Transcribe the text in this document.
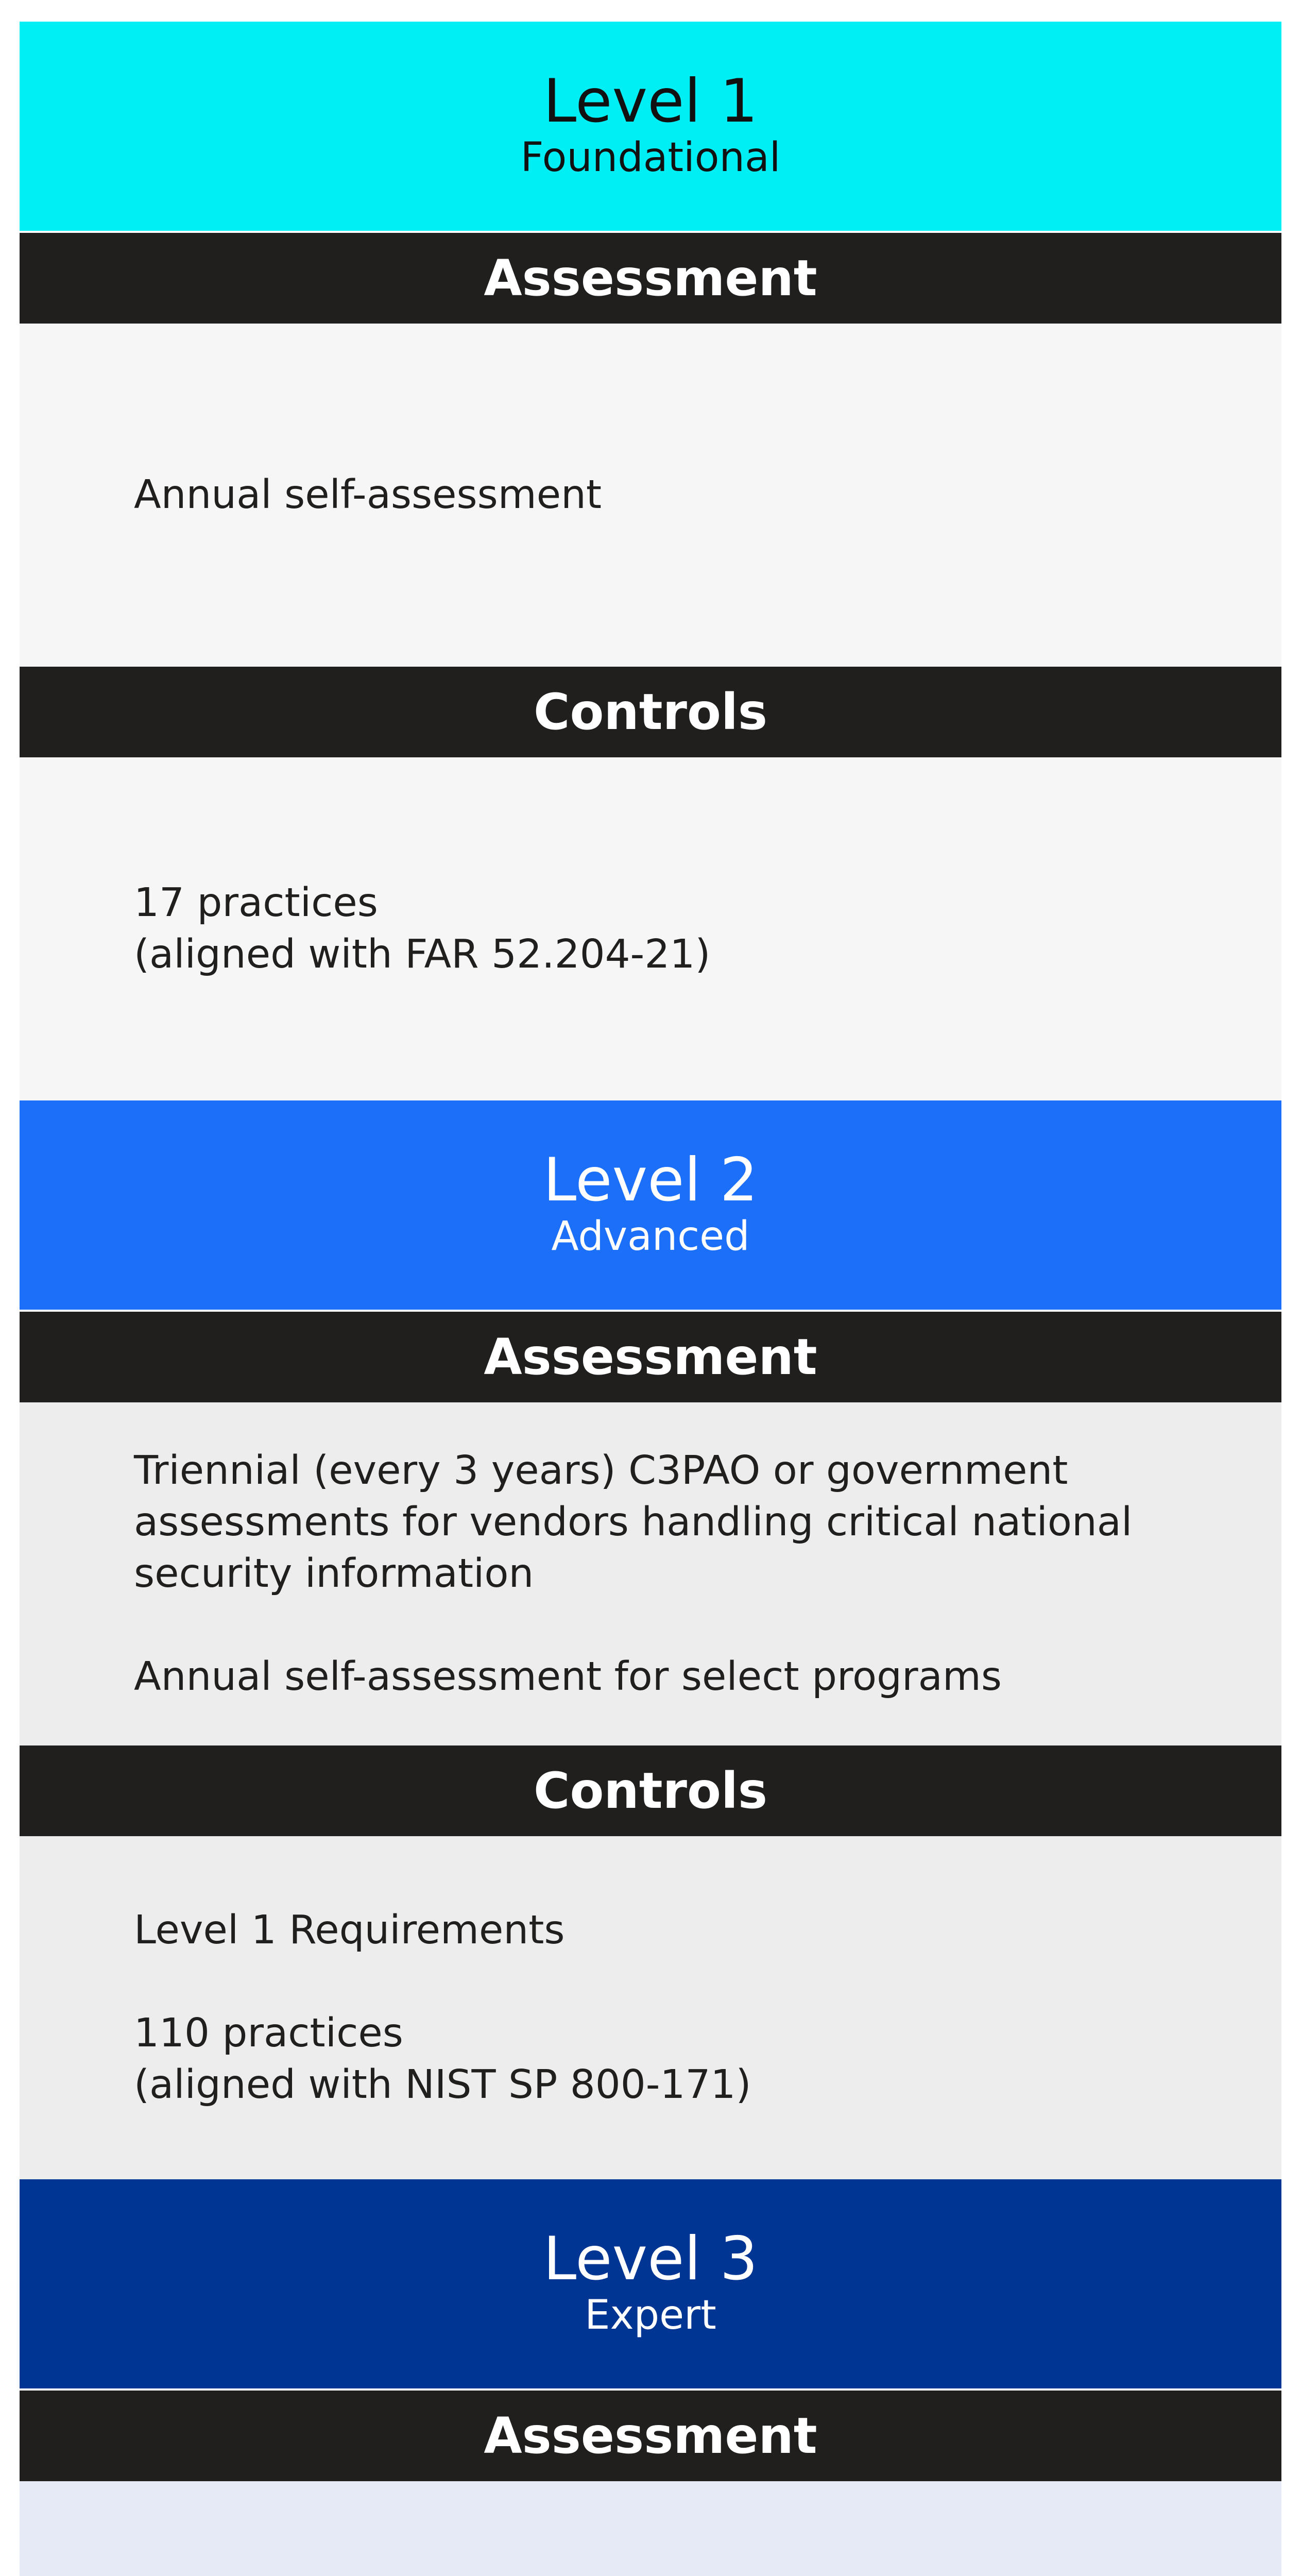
Level 1
Foundational
Assessment
Annual self-assessment
Controls
17 practices
(aligned with FAR 52.204-21)
Level 2
Advanced
Assessment
Triennial (every 3 years) C3PAO or government
assessments for vendors handling critical national
security information
Annual self-assessment for select programs
Controls
Level 1 Requirements
110 practices
(aligned with NIST SP 800-171)
Level 3
Expert
Assessment
